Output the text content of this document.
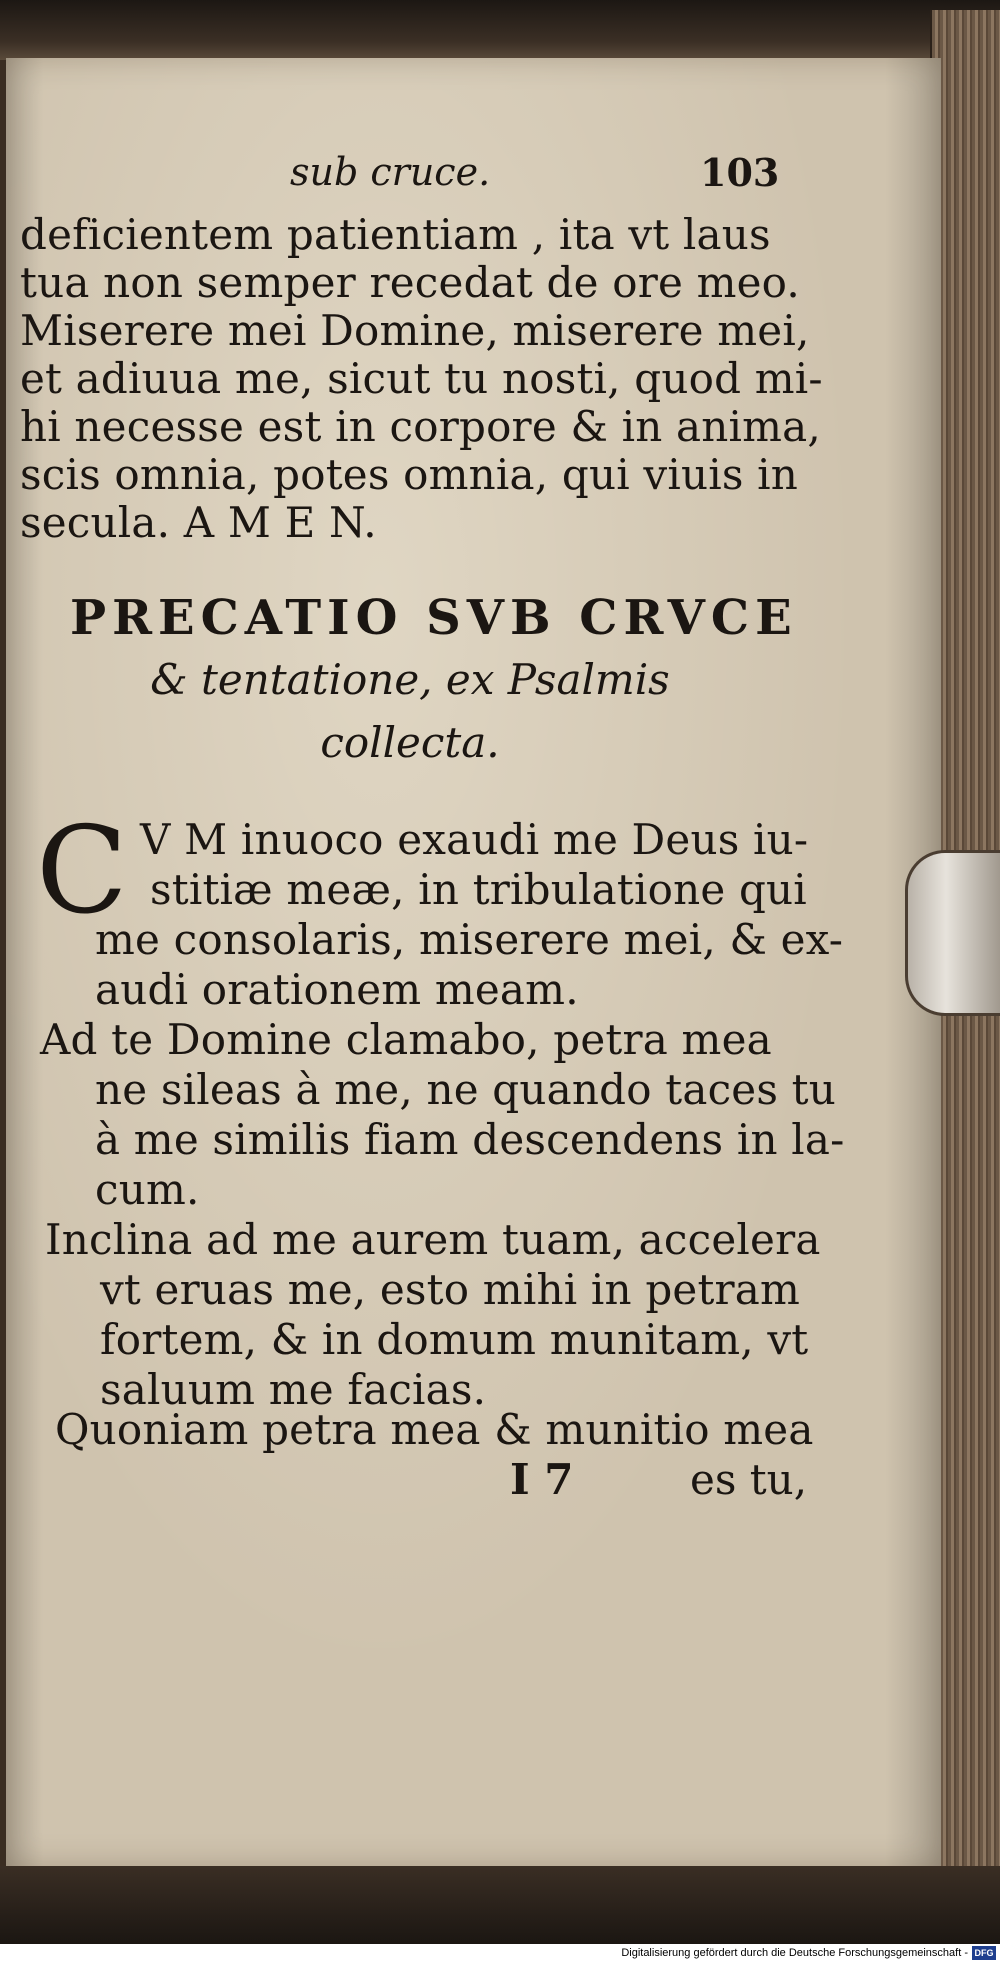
sub cruce.	103
deficientem patientiam , ita vt laus
tua non semper recedat de ore meo.
Miserere mei Domine, miserere mei,
et adiuua me, sicut tu nosti, quod mi-
hi necesse est in corpore & in anima,
scis omnia, potes omnia, qui viuis in
secula. A M E N.
PRECATIO SVB CRVCE
& tentatione, ex Psalmis
collecta.
C V M inuoco exaudi me Deus iu-
stitiæ meæ, in tribulatione qui
me consolaris, miserere mei, & ex-
audi orationem meam.
Ad te Domine clamabo, petra mea
ne sileas à me, ne quando taces tu
à me similis fiam descendens in la-
cum.
Inclina ad me aurem tuam, accelera
vt eruas me, esto mihi in petram
fortem, & in domum munitam, vt
saluum me facias.
Quoniam petra mea & munitio mea
I 7	es tu,
Digitalisierung gefördert durch die Deutsche Forschungsgemeinschaft - DFG
